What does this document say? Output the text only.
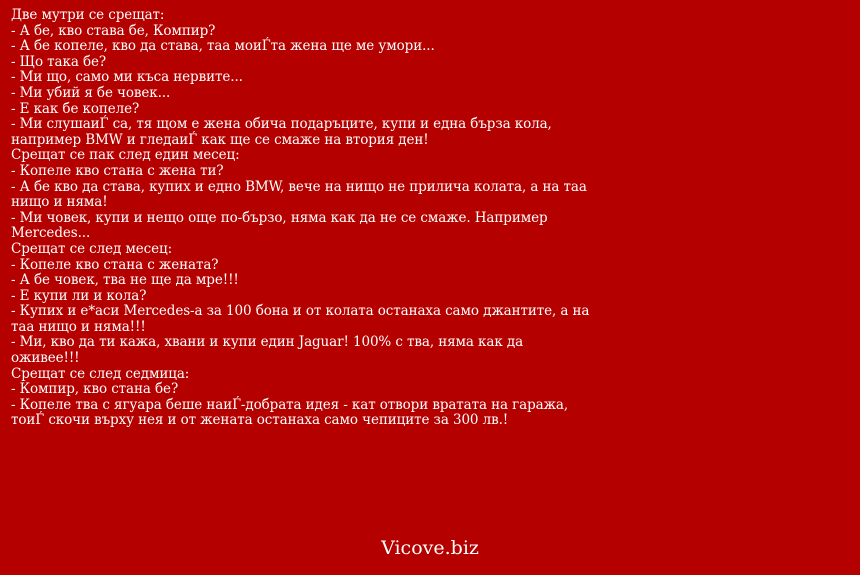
Две мутри се срещат:
- А бе, кво става бе, Компир?
- А бе копеле, кво да става, таа моиЃта жена ще ме умори...
- Що така бе?
- Ми що, само ми къса нервите...
- Ми убий я бе човек...
- Е как бе копеле?
- Ми слушаиЃ са, тя щом е жена обича подаръците, купи и една бърза кола, например BMW и гледаиЃ как ще се смаже на втория ден!
Срещат се пак след един месец:
- Копеле кво стана с жена ти?
- А бе кво да става, купих и едно BMW, вече на нищо не прилича колата, а на таа нищо и няма!
- Ми човек, купи и нещо още по-бързо, няма как да не се смаже. Например Mercedes...
Срещат се след месец:
- Копеле кво стана с жената?
- А бе човек, тва не ще да мре!!!
- Е купи ли и кола?
- Купих и е*аси Mercedes-а за 100 бона и от колата останаха само джантите, а на таа нищо и няма!!!
- Ми, кво да ти кажа, хвани и купи един Jaguar! 100% с тва, няма как да оживее!!!
Срещат се след седмица:
- Компир, кво стана бе?
- Копеле тва с ягуара беше наиЃ-добрата идея - кат отвори вратата на гаража, тоиЃ скочи върху нея и от жената останаха само чепиците за 300 лв.!
Vicove.biz
